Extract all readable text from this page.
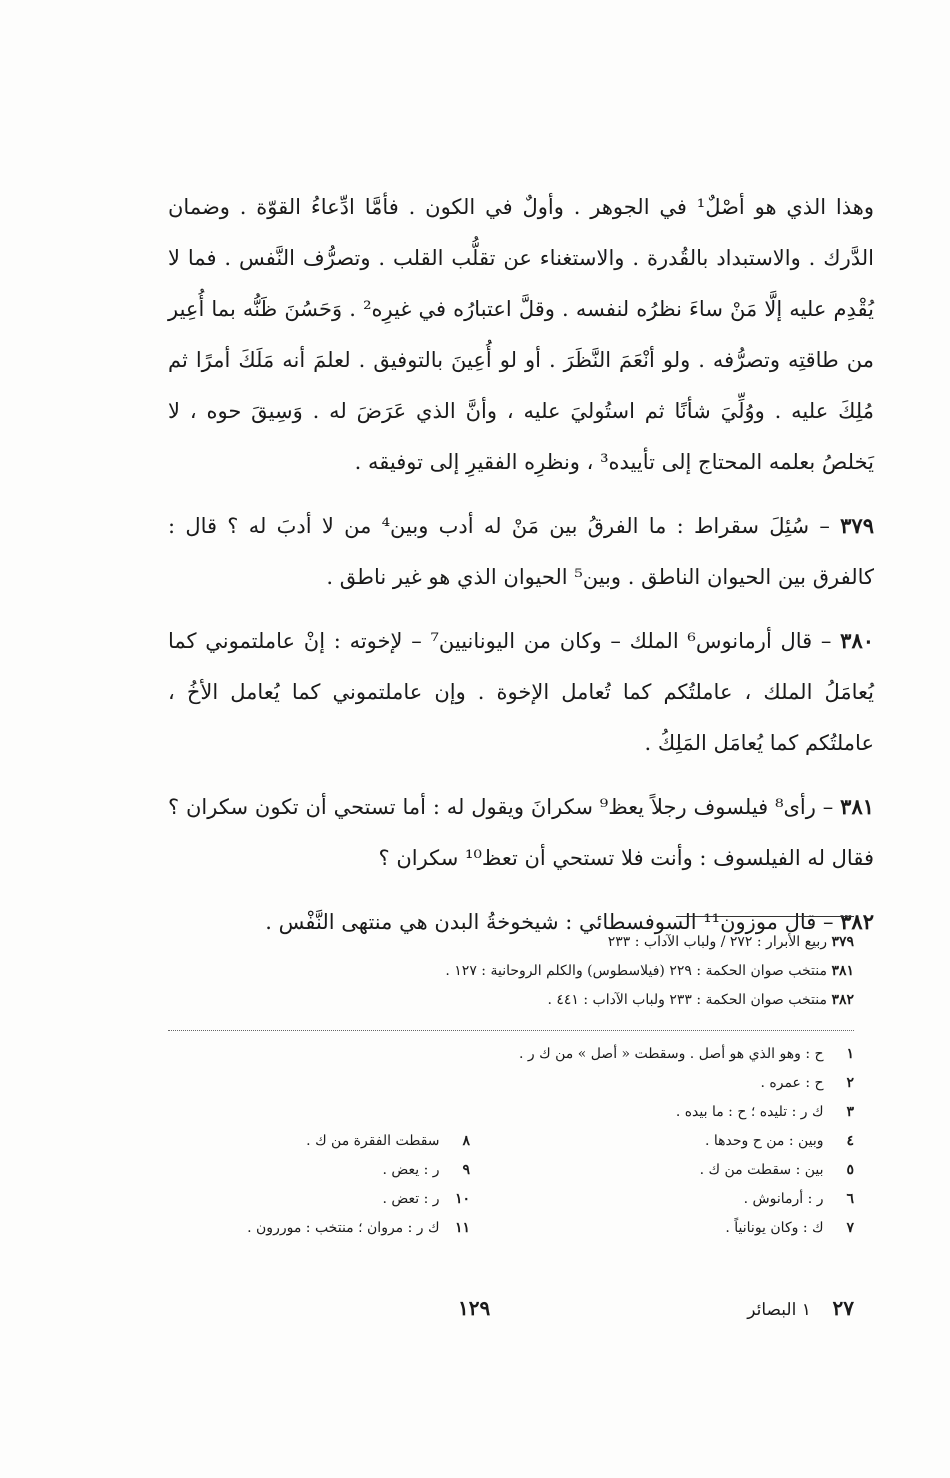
وهذا الذي هو أصْلٌ¹ في الجوهر . وأولٌ في الكون . فأمَّا ادِّعاءُ القوّة . وضمان الدَّرك . والاستبداد بالقُدرة . والاستغناء عن تقلُّب القلب . وتصرُّف النَّفس . فما لا يُقْدِم عليه إلَّا مَنْ ساءَ نظرُه لنفسه . وقلَّ اعتبارُه في غيرِه² . وَحَسُنَ ظَنُّه بما أُعِير من طاقتِه وتصرُّفه . ولو أنْعَمَ النَّظَرَ . أو لو أُعِينَ بالتوفيق . لعلمَ أنه مَلَكَ أمرًا ثم مُلِكَ عليه . ووُلِّيَ شأنًا ثم استُوليَ عليه ، وأنَّ الذي عَرَضَ له . وَسِيقَ حوه ، لا يَخلصُ بعلمه المحتاج إلى تأييده³ ، ونظرِه الفقيرِ إلى توفيقه .

٣٧٩ – سُئِلَ سقراط : ما الفرقُ بين مَنْ له أدب وبين⁴ من لا أدبَ له ؟ قال : كالفرق بين الحيوان الناطق . وبين⁵ الحيوان الذي هو غير ناطق .

٣٨٠ – قال أرمانوس⁶ الملك – وكان من اليونانيين⁷ – لإخوته : إنْ عاملتموني كما يُعامَلُ الملك ، عاملتُكم كما تُعامل الإخوة . وإن عاملتموني كما يُعامل الأخُ ، عاملتُكم كما يُعامَل المَلِكُ .

٣٨١ – رأى⁸ فيلسوف رجلاً يعظ⁹ سكرانَ ويقول له : أما تستحي أن تكون سكران ؟ فقال له الفيلسوف : وأنت فلا تستحي أن تعظ¹⁰ سكران ؟

٣٨٢ – قال موزون¹¹ السوفسطائي : شيخوخةُ البدن هي منتهى النَّفْس .

٣٧٩ ربيع الأبرار : ٢٧٢ / ولباب الآداب : ٢٣٣

٣٨١ منتخب صوان الحكمة : ٢٢٩ (فيلاسطوس) والكلم الروحانية : ١٢٧ .

٣٨٢ منتخب صوان الحكمة : ٢٣٣ ولباب الآداب : ٤٤١ .

١ ح : وهو الذي هو أصل . وسقطت « أصل » من ك ر .

٢ ح : عمره .

٣ ك ر : تليده ؛ ح : ما بيده .

٤ وبين : من ح وحدها .

٥ بين : سقطت من ك .

٦ ر : أرمانوش .

٧ ك : وكان يونانياً .

٨ سقطت الفقرة من ك .

٩ ر : يعض .

١٠ ر : تعض .

١١ ك ر : مروان ؛ منتخب : موررون .

٢٧    ١ البصائر
١٢٩
